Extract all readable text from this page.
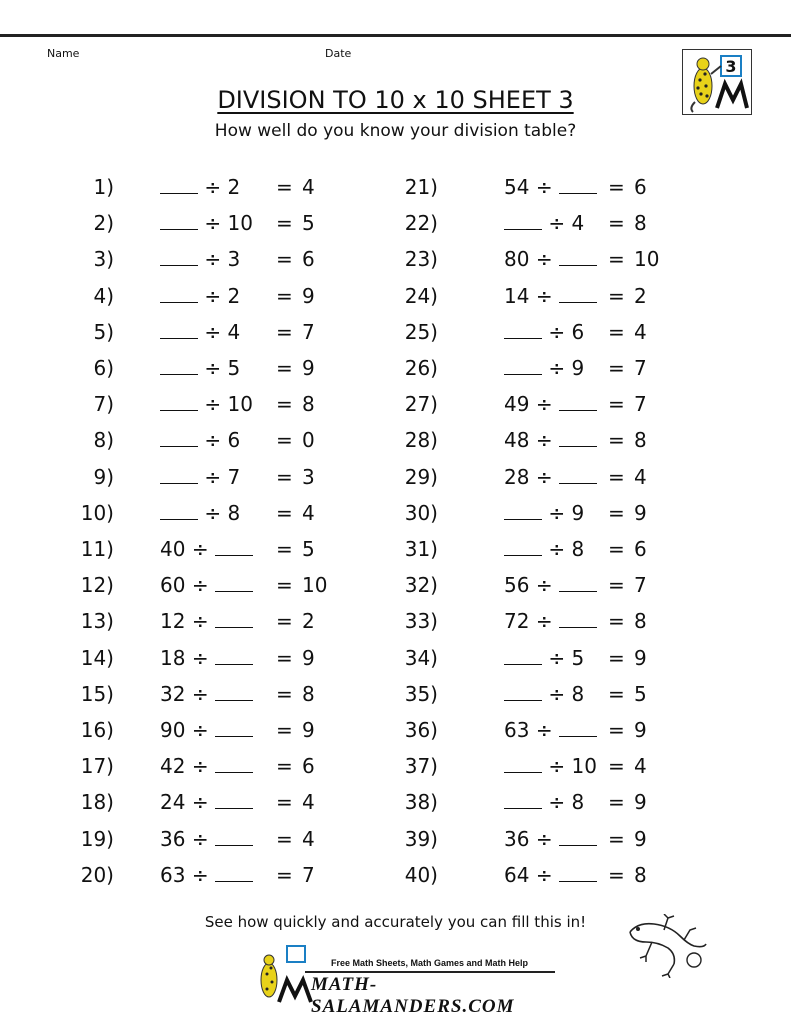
Name	Date
3
DIVISION TO 10 x 10 SHEET 3
How well do you know your division table?
1)	÷ 2 = 4
2)	÷ 10 = 5
3)	÷ 3 = 6
4)	÷ 2 = 9
5)	÷ 4 = 7
6)	÷ 5 = 9
7)	÷ 10 = 8
8)	÷ 6 = 0
9)	÷ 7 = 3
10)	÷ 8 = 4
11) 40 ÷	= 5
12) 60 ÷	= 10
13) 12 ÷	= 2
14) 18 ÷	= 9
15) 32 ÷	= 8
16) 90 ÷	= 9
17) 42 ÷	= 6
18) 24 ÷	= 4
19) 36 ÷	= 4
20) 63 ÷	= 7
21)	54 ÷	= 6
22)	÷ 4 = 8
23)	80 ÷	= 10
24)	14 ÷	= 2
25)	÷ 6 = 4
26)	÷ 9 = 7
27)	49 ÷	= 7
28)	48 ÷	= 8
29)	28 ÷	= 4
30)	÷ 9 = 9
31)	÷ 8 = 6
32)	56 ÷	= 7
33)	72 ÷	= 8
34)	÷ 5 = 9
35)	÷ 8 = 5
36)	63 ÷	= 9
37)	÷ 10 = 4
38)	÷ 8 = 9
39)	36 ÷	= 9
40)	64 ÷	= 8
See how quickly and accurately you can fill this in!
Free Math Sheets, Math Games and Math Help
MATH-SALAMANDERS.COM
